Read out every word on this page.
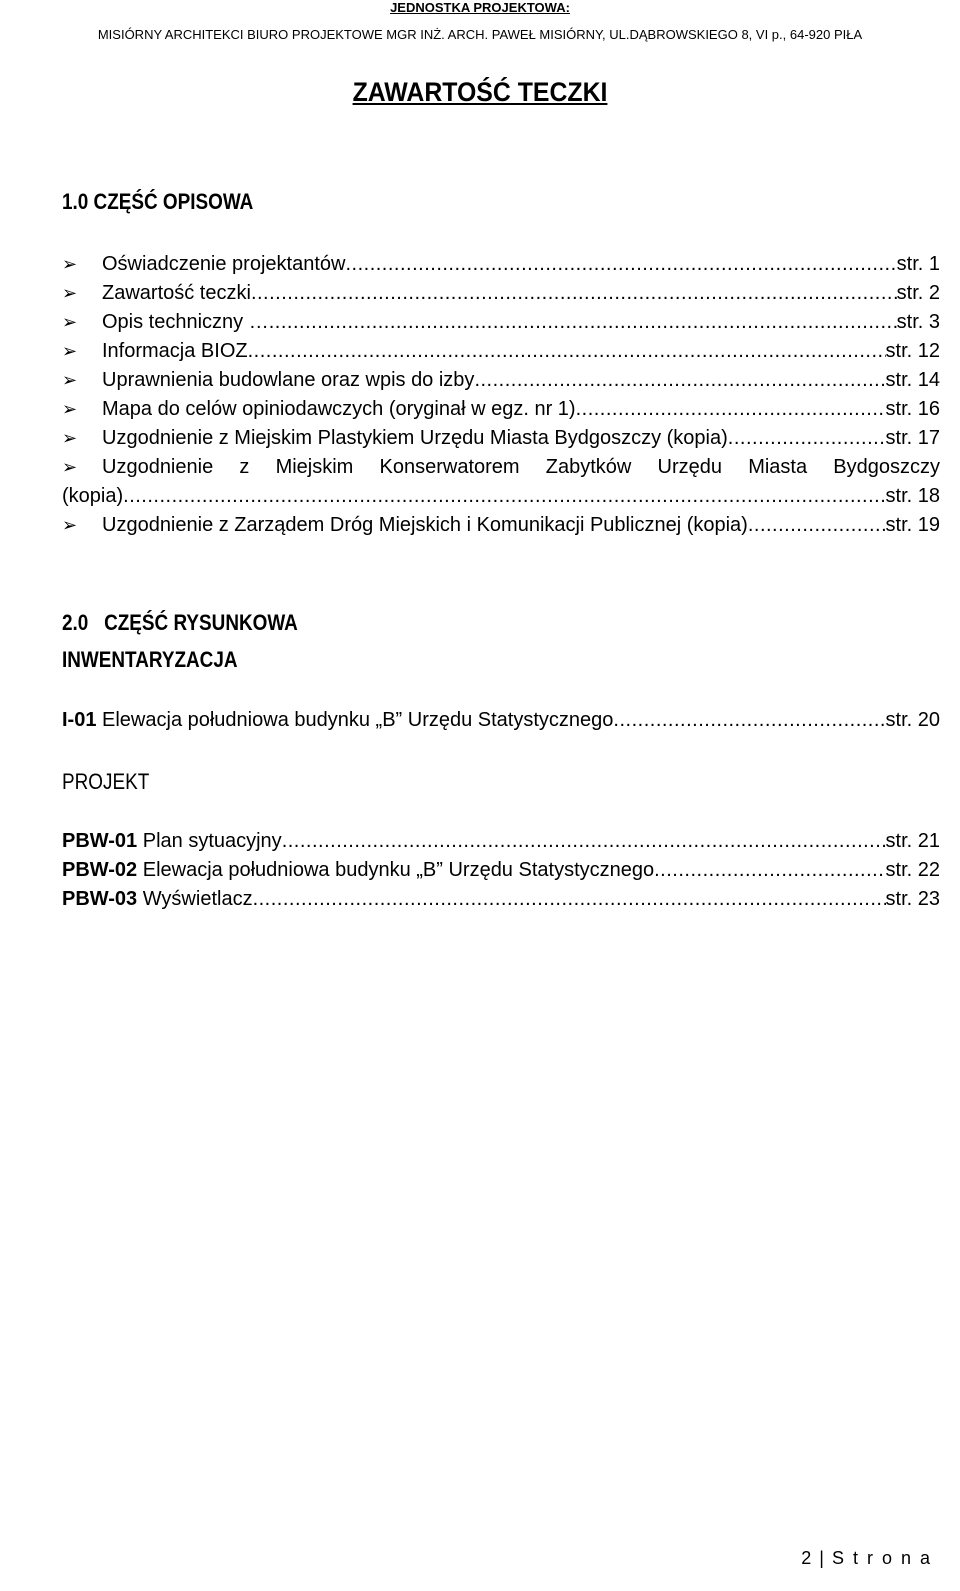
JEDNOSTKA PROJEKTOWA:
MISIÓRNY ARCHITEKCI BIURO PROJEKTOWE MGR INŻ. ARCH. PAWEŁ MISIÓRNY, UL.DĄBROWSKIEGO 8, VI p., 64-920 PIŁA
ZAWARTOŚĆ TECZKI
1.0 CZĘŚĆ OPISOWA
➢	Oświadczenie projektantów .....	str. 1
➢	Zawartość teczki .....	str. 2
➢	Opis techniczny … .....	str. 3
➢	Informacja BIOZ .....	str. 12
➢	Uprawnienia budowlane oraz wpis do izby .....	str. 14
➢	Mapa do celów opiniodawczych (oryginał w egz. nr 1) .....	str. 16
➢	Uzgodnienie z Miejskim Plastykiem Urzędu Miasta Bydgoszczy (kopia) .....	str. 17
➢	Uzgodnienie z Miejskim Konserwatorem Zabytków Urzędu Miasta Bydgoszczy
(kopia) .....	str. 18
➢	Uzgodnienie z Zarządem Dróg Miejskich i Komunikacji Publicznej (kopia) .....	str. 19
2.0   CZĘŚĆ RYSUNKOWA
INWENTARYZACJA
I-01 Elewacja południowa budynku „B” Urzędu Statystycznego .....	str. 20
PROJEKT
PBW-01 Plan sytuacyjny .....	str. 21
PBW-02 Elewacja południowa budynku „B” Urzędu Statystycznego .....	str. 22
PBW-03 Wyświetlacz .....	str. 23
2 | S t r o n a
